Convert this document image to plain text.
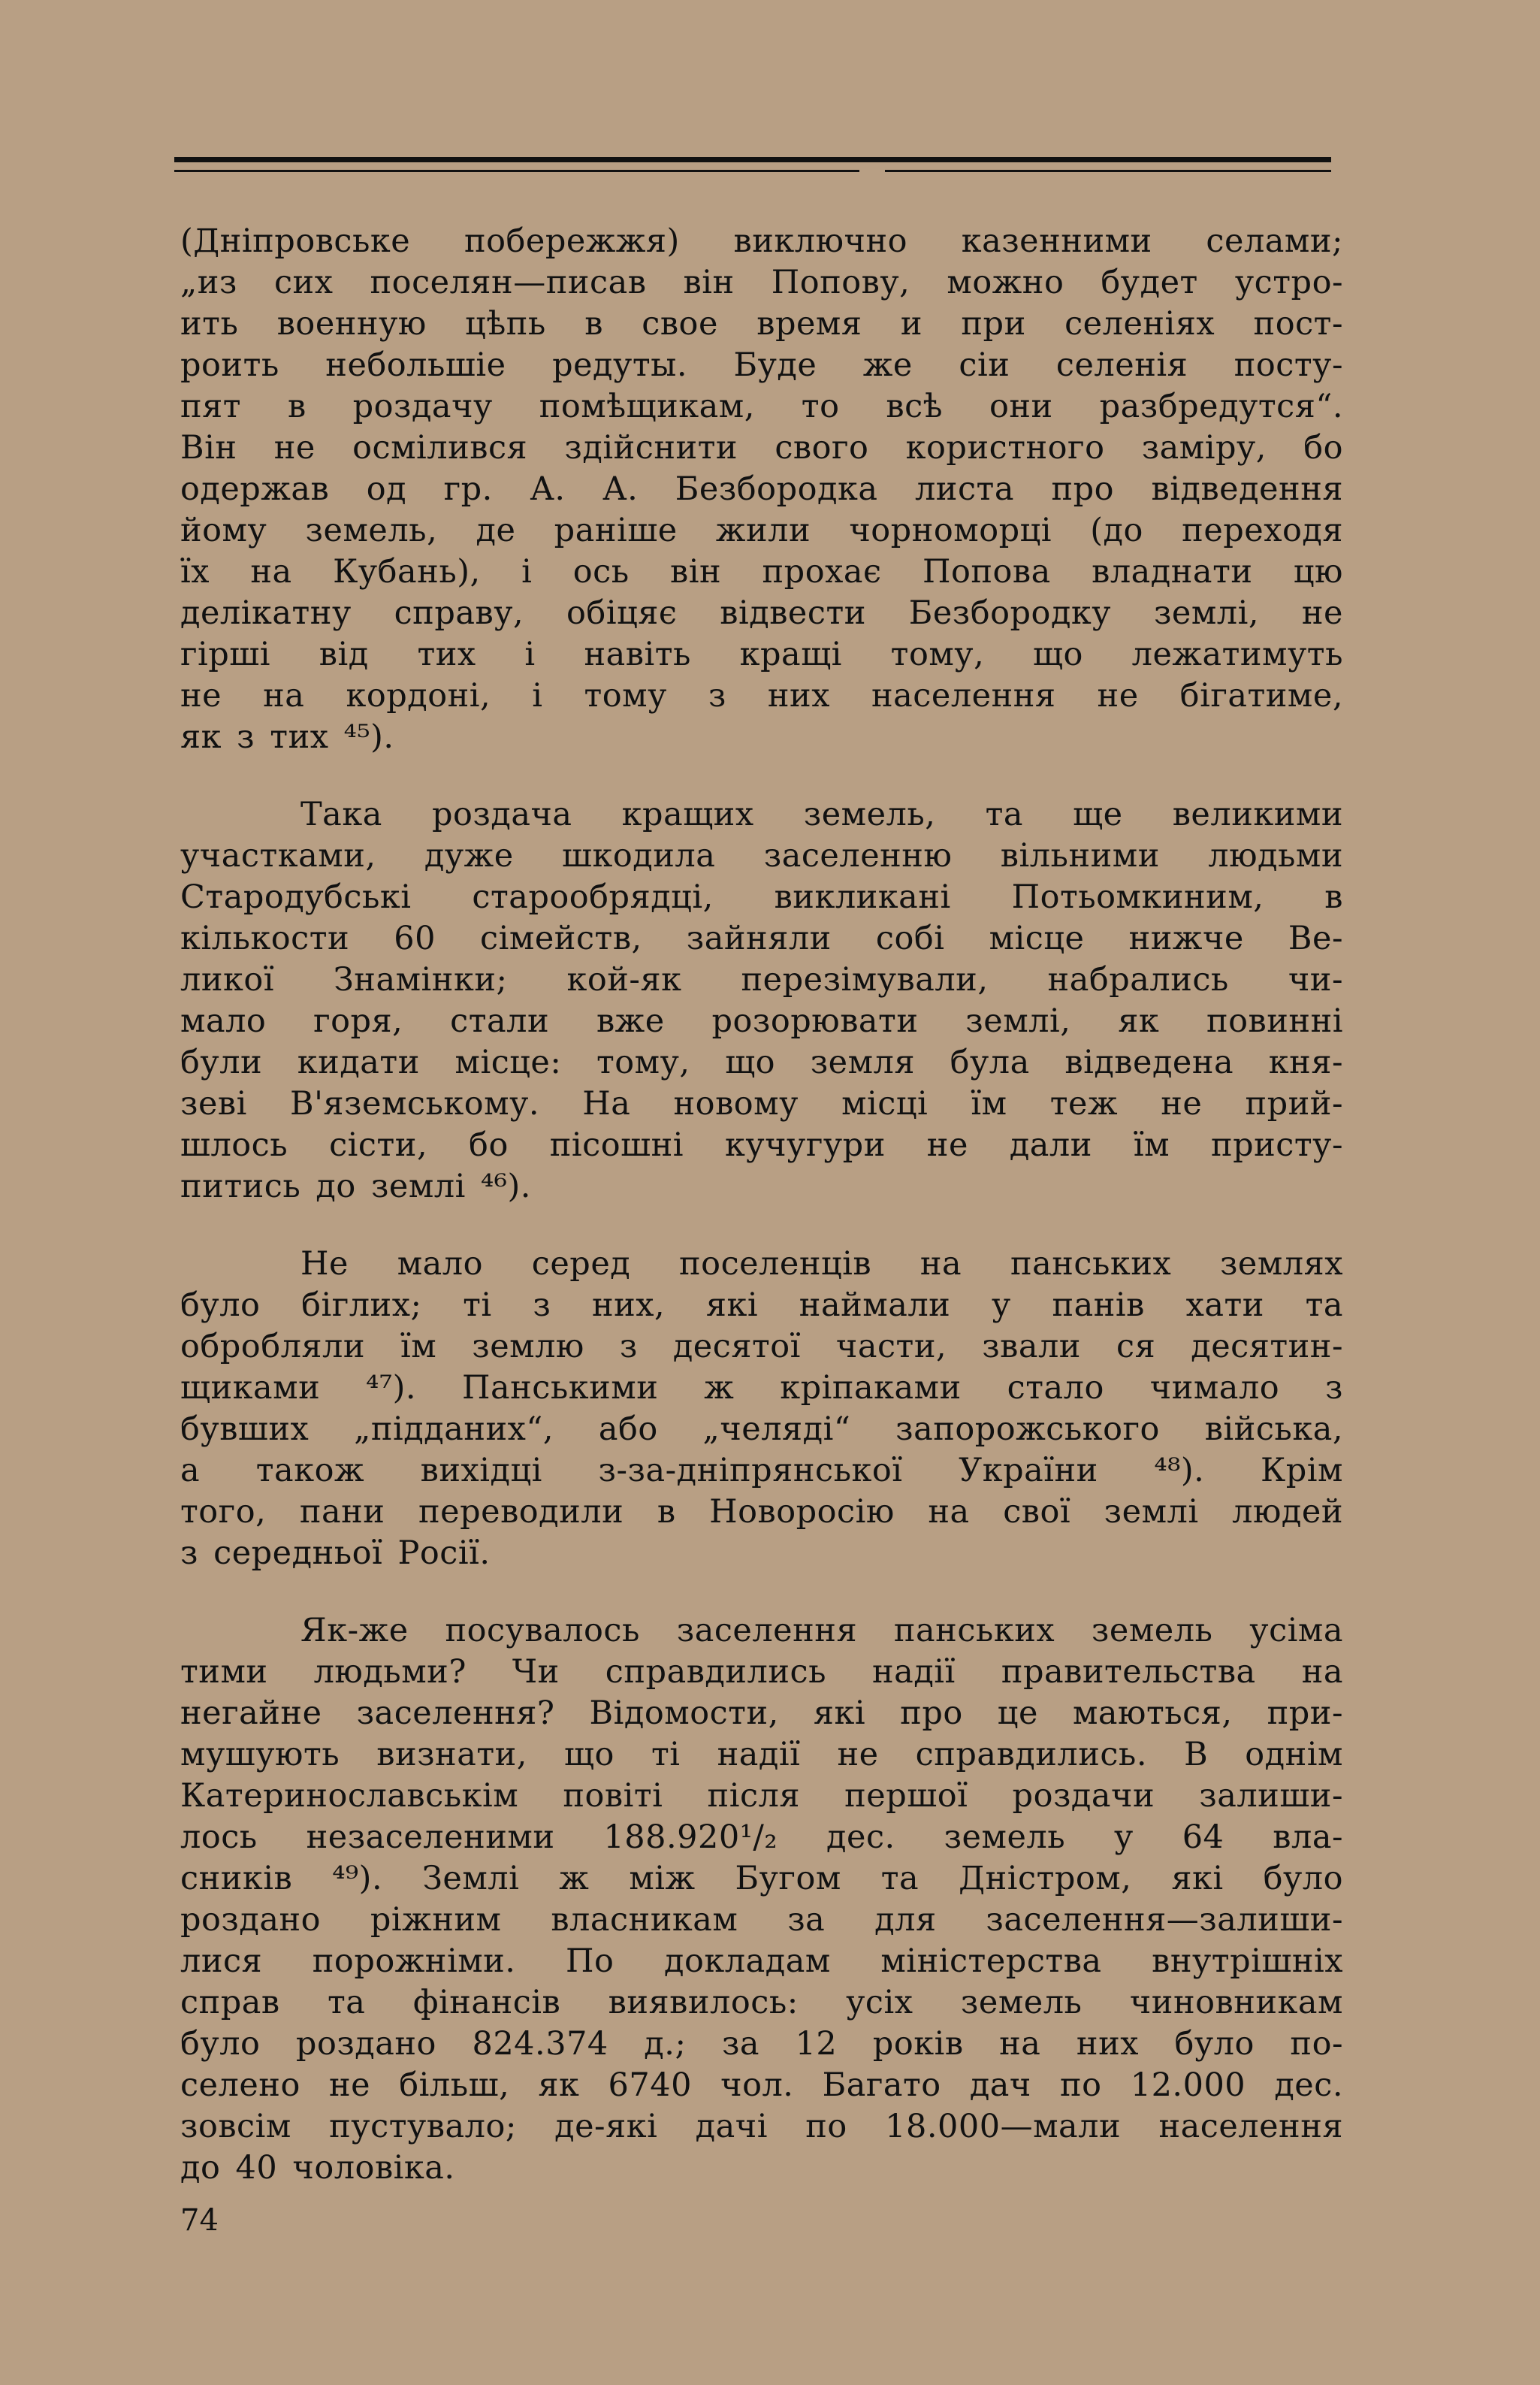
(Дніпровське побережжя) виключно казенними селами;
„из сих поселян—писав він Попову, можно будет устро-
ить военную цѣпь в свое время и при селеніях пост-
роить небольшіе редуты. Буде же сіи селенія посту-
пят в роздачу помѣщикам, то всѣ они разбредутся“.
Він не осмілився здійснити свого користного заміру, бо
одержав од гр. А. А. Безбородка листа про відведення
йому земель, де раніше жили чорноморці (до переходя
їх на Кубань), і ось він прохає Попова владнати цю
делікатну справу, обіцяє відвести Безбородку землі, не
гірші від тих і навіть кращі тому, що лежатимуть
не на кордоні, і тому з них населення не бігатиме,
як з тих ⁴⁵).
Така роздача кращих земель, та ще великими
участками, дуже шкодила заселенню вільними людьми
Стародубські старообрядці, викликані Потьомкиним, в
кількости 60 сімейств, зайняли собі місце нижче Ве-
ликої Знамінки; кой-як перезімували, набрались чи-
мало горя, стали вже розорювати землі, як повинні
були кидати місце: тому, що земля була відведена кня-
зеві В'яземському. На новому місці їм теж не прий-
шлось сісти, бо пісошні кучугури не дали їм присту-
питись до землі ⁴⁶).
Не мало серед поселенців на панських землях
було біглих; ті з них, які наймали у панів хати та
обробляли їм землю з десятої части, звали ся десятин-
щиками ⁴⁷). Панськими ж кріпаками стало чимало з
бувших „підданих“, або „челяді“ запорожського війська,
а також вихідці з-за-дніпрянської України ⁴⁸). Крім
того, пани переводили в Новоросію на свої землі людей
з середньої Росії.
Як-же посувалось заселення панських земель усіма
тими людьми? Чи справдились надії правительства на
негайне заселення? Відомости, які про це маються, при-
мушують визнати, що ті надії не справдились. В однім
Катеринославськім повіті після першої роздачи залиши-
лось незаселеними 188.920¹/₂ дес. земель у 64 вла-
сників ⁴⁹). Землі ж між Бугом та Дністром, які було
роздано ріжним власникам за для заселення—залиши-
лися порожніми. По докладам міністерства внутрішніх
справ та фінансів виявилось: усіх земель чиновникам
було роздано 824.374 д.; за 12 років на них було по-
селено не більш, як 6740 чол. Багато дач по 12.000 дес.
зовсім пустувало; де-які дачі по 18.000—мали населення
до 40 чоловіка.
74
